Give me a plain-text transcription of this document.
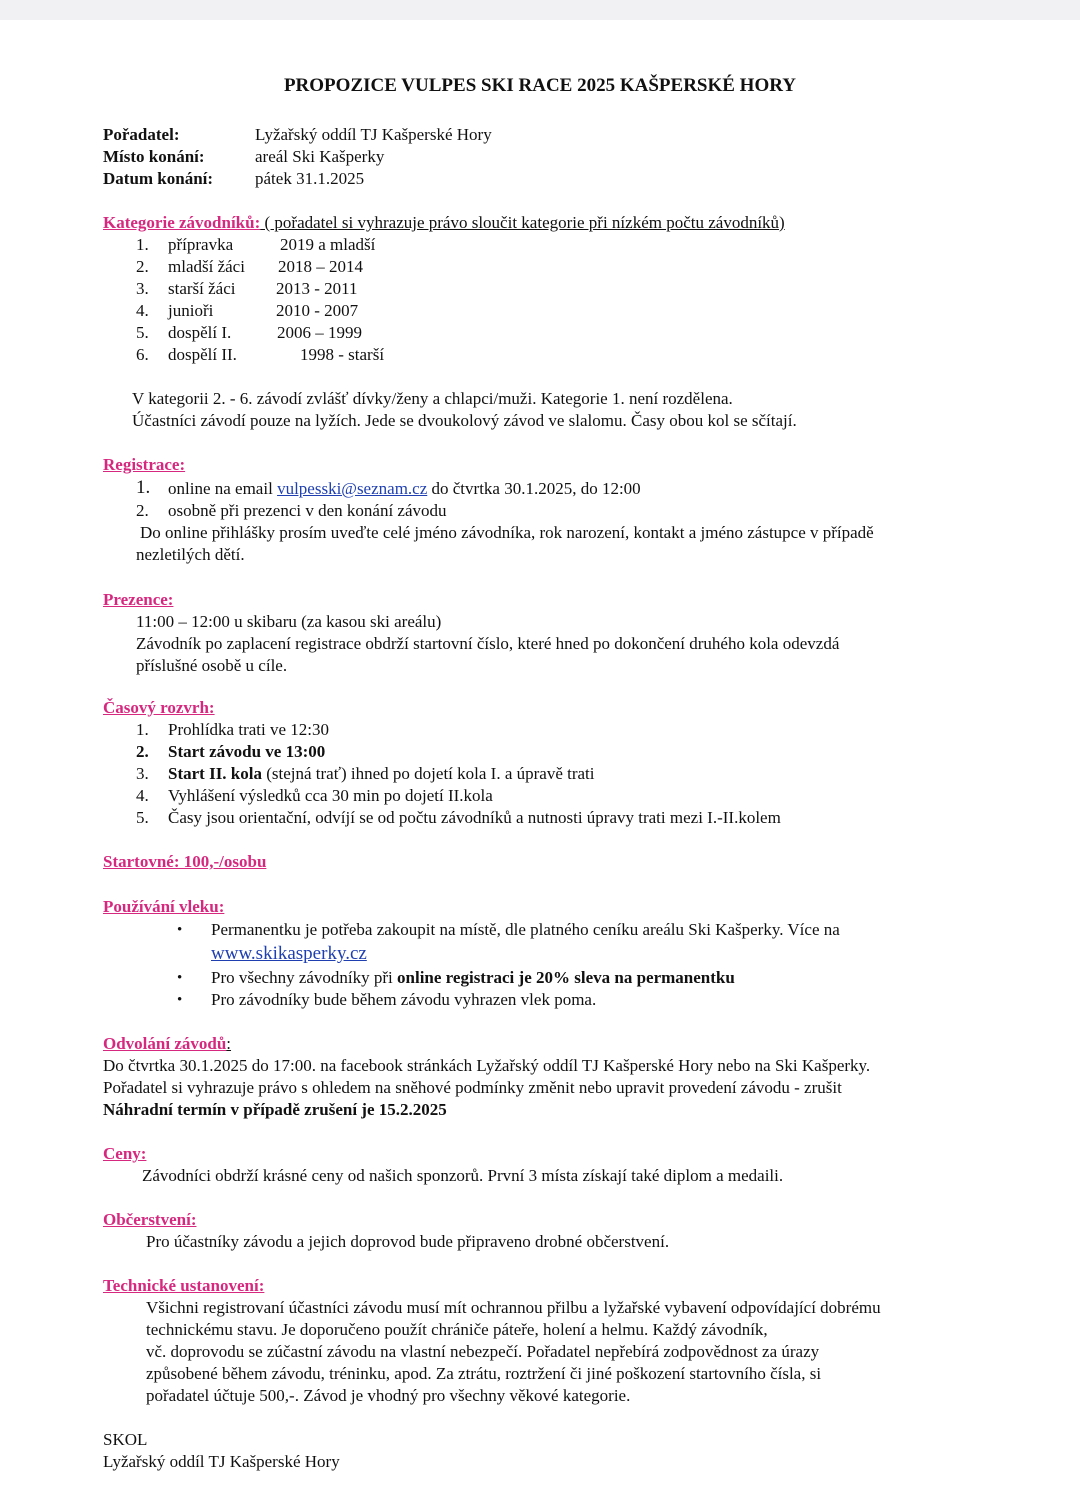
PROPOZICE VULPES SKI RACE 2025 KAŠPERSKÉ HORY
Pořadatel:	Lyžařský oddíl TJ Kašperské Hory
Místo konání:	areál Ski Kašperky
Datum konání: pátek 31.1.2025
Kategorie závodníků: ( pořadatel si vyhrazuje právo sloučit kategorie při nízkém počtu závodníků)
1. přípravka	2019 a mladší
2. mladší žáci 2018 – 2014
3. starší žáci 2013 - 2011
4. junioři	2010 - 2007
5. dospělí I.	2006 – 1999
6. dospělí II.	1998 - starší
V kategorii 2. - 6. závodí zvlášť dívky/ženy a chlapci/muži. Kategorie 1. není rozdělena.
Účastníci závodí pouze na lyžích. Jede se dvoukolový závod ve slalomu. Časy obou kol se sčítají.
Registrace:
1. online na email vulpesski@seznam.cz do čtvrtka 30.1.2025, do 12:00
2. osobně při prezenci v den konání závodu
Do online přihlášky prosím uveďte celé jméno závodníka, rok narození, kontakt a jméno zástupce v případě
nezletilých dětí.
Prezence:
11:00 – 12:00 u skibaru (za kasou ski areálu)
Závodník po zaplacení registrace obdrží startovní číslo, které hned po dokončení druhého kola odevzdá
příslušné osobě u cíle.
Časový rozvrh:
1. Prohlídka trati ve 12:30
2. Start závodu ve 13:00
3. Start II. kola (stejná trať) ihned po dojetí kola I. a úpravě trati
4. Vyhlášení výsledků cca 30 min po dojetí II.kola
5. Časy jsou orientační, odvíjí se od počtu závodníků a nutnosti úpravy trati mezi I.-II.kolem
Startovné: 100,-/osobu
Používání vleku:
• Permanentku je potřeba zakoupit na místě, dle platného ceníku areálu Ski Kašperky. Více na
www.skikasperky.cz
• Pro všechny závodníky při online registraci je 20% sleva na permanentku
• Pro závodníky bude během závodu vyhrazen vlek poma.
Odvolání závodů:
Do čtvrtka 30.1.2025 do 17:00. na facebook stránkách Lyžařský oddíl TJ Kašperské Hory nebo na Ski Kašperky.
Pořadatel si vyhrazuje právo s ohledem na sněhové podmínky změnit nebo upravit provedení závodu - zrušit
Náhradní termín v případě zrušení je 15.2.2025
Ceny:
Závodníci obdrží krásné ceny od našich sponzorů. První 3 místa získají také diplom a medaili.
Občerstvení:
Pro účastníky závodu a jejich doprovod bude připraveno drobné občerstvení.
Technické ustanovení:
Všichni registrovaní účastníci závodu musí mít ochrannou přilbu a lyžařské vybavení odpovídající dobrému
technickému stavu. Je doporučeno použít chrániče páteře, holení a helmu. Každý závodník,
vč. doprovodu se zúčastní závodu na vlastní nebezpečí. Pořadatel nepřebírá zodpovědnost za úrazy
způsobené během závodu, tréninku, apod. Za ztrátu, roztržení či jiné poškození startovního čísla, si
pořadatel účtuje 500,-. Závod je vhodný pro všechny věkové kategorie.
SKOL
Lyžařský oddíl TJ Kašperské Hory
